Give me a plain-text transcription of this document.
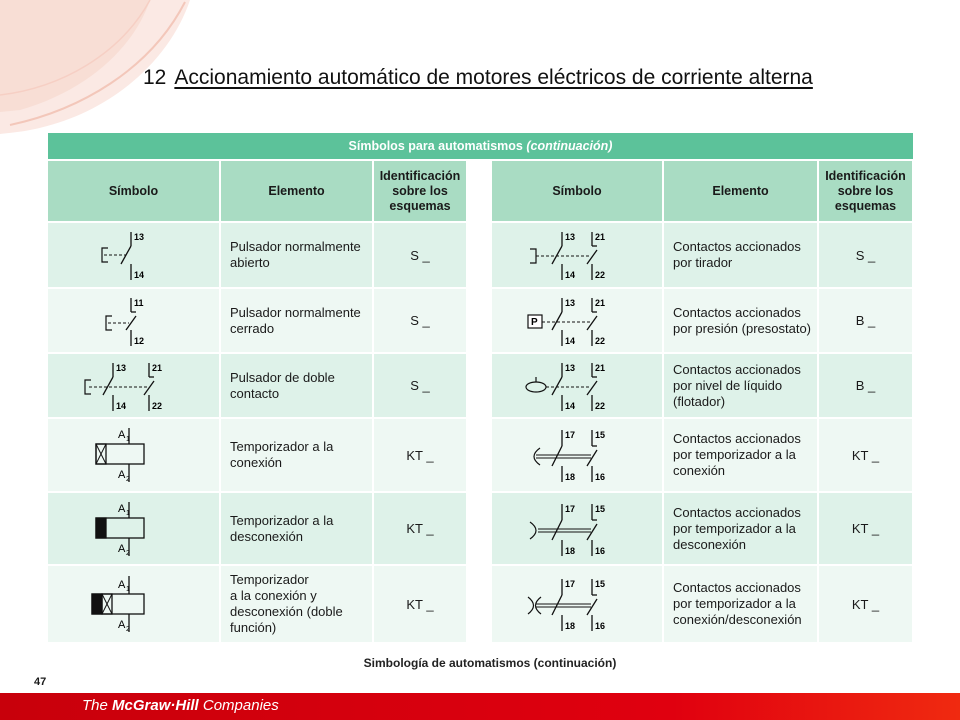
12 Accionamiento automático de motores eléctricos de corriente alterna
Símbolos para automatismos (continuación)
Símbolo	Elemento	Identificación sobre los esquemas

13
14	Pulsador normalmente abierto	S _

11
12	Pulsador normalmente cerrado	S _

13
14
21
22	Pulsador de doble contacto	S _

A 1
A 2	Temporizador a la conexión	KT _

A 1
A 2	Temporizador a la desconexión	KT _

A 1
A 2	Temporizador
a la conexión y desconexión (doble función)	KT _
Símbolo	Elemento	Identificación sobre los esquemas

13
14
21
22	Contactos accionados por tirador	S _

P
13
14
21
22	Contactos accionados por presión (presostato)	B _

13
14
21
22	Contactos accionados por nivel de líquido (flotador)	B _

17
18
15
16	Contactos accionados por temporizador a la conexión	KT _

17
18
15
16	Contactos accionados por temporizador a la desconexión	KT _

17
18
15
16	Contactos accionados por temporizador a la conexión/desconexión	KT _
Simbología de automatismos (continuación)
47
The McGraw·Hill Companies
